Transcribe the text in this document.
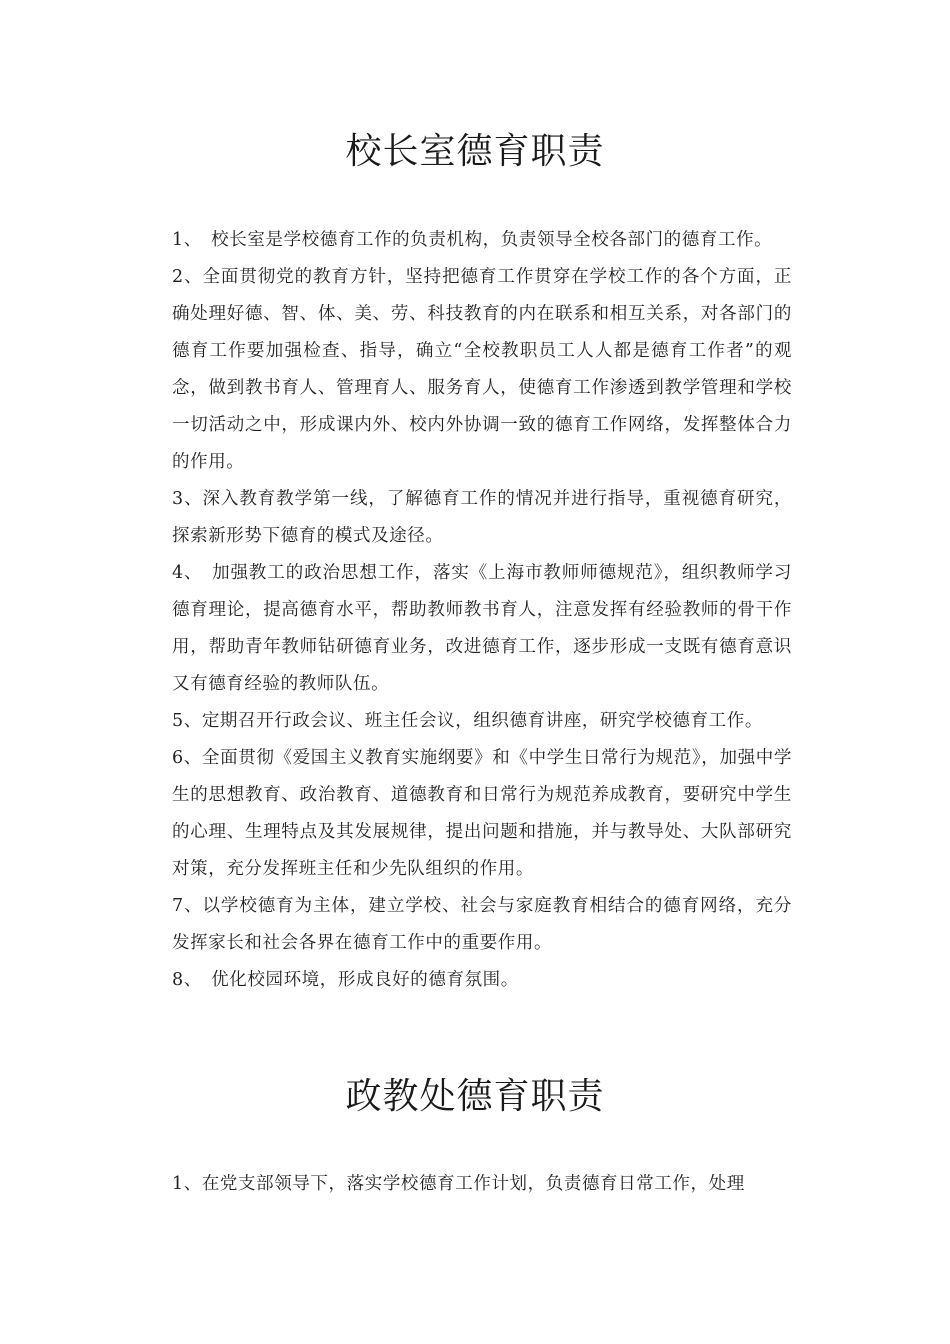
校长室德育职责

1、　校长室是学校德育工作的负责机构，负责领导全校各部门的德育工作。

2、全面贯彻党的教育方针，坚持把德育工作贯穿在学校工作的各个方面，正确处理好德、智、体、美、劳、科技教育的内在联系和相互关系，对各部门的德育工作要加强检查、指导，确立“全校教职员工人人都是德育工作者”的观念，做到教书育人、管理育人、服务育人，使德育工作渗透到教学管理和学校一切活动之中，形成课内外、校内外协调一致的德育工作网络，发挥整体合力的作用。

3、深入教育教学第一线，了解德育工作的情况并进行指导，重视德育研究，探索新形势下德育的模式及途径。

4、　加强教工的政治思想工作，落实《上海市教师师德规范》，组织教师学习德育理论，提高德育水平，帮助教师教书育人，注意发挥有经验教师的骨干作用，帮助青年教师钻研德育业务，改进德育工作，逐步形成一支既有德育意识又有德育经验的教师队伍。

5、定期召开行政会议、班主任会议，组织德育讲座，研究学校德育工作。

6、全面贯彻《爱国主义教育实施纲要》和《中学生日常行为规范》，加强中学生的思想教育、政治教育、道德教育和日常行为规范养成教育，要研究中学生的心理、生理特点及其发展规律，提出问题和措施，并与教导处、大队部研究对策，充分发挥班主任和少先队组织的作用。

7、以学校德育为主体，建立学校、社会与家庭教育相结合的德育网络，充分发挥家长和社会各界在德育工作中的重要作用。

8、　优化校园环境，形成良好的德育氛围。

政教处德育职责

1、在党支部领导下，落实学校德育工作计划，负责德育日常工作，处理
